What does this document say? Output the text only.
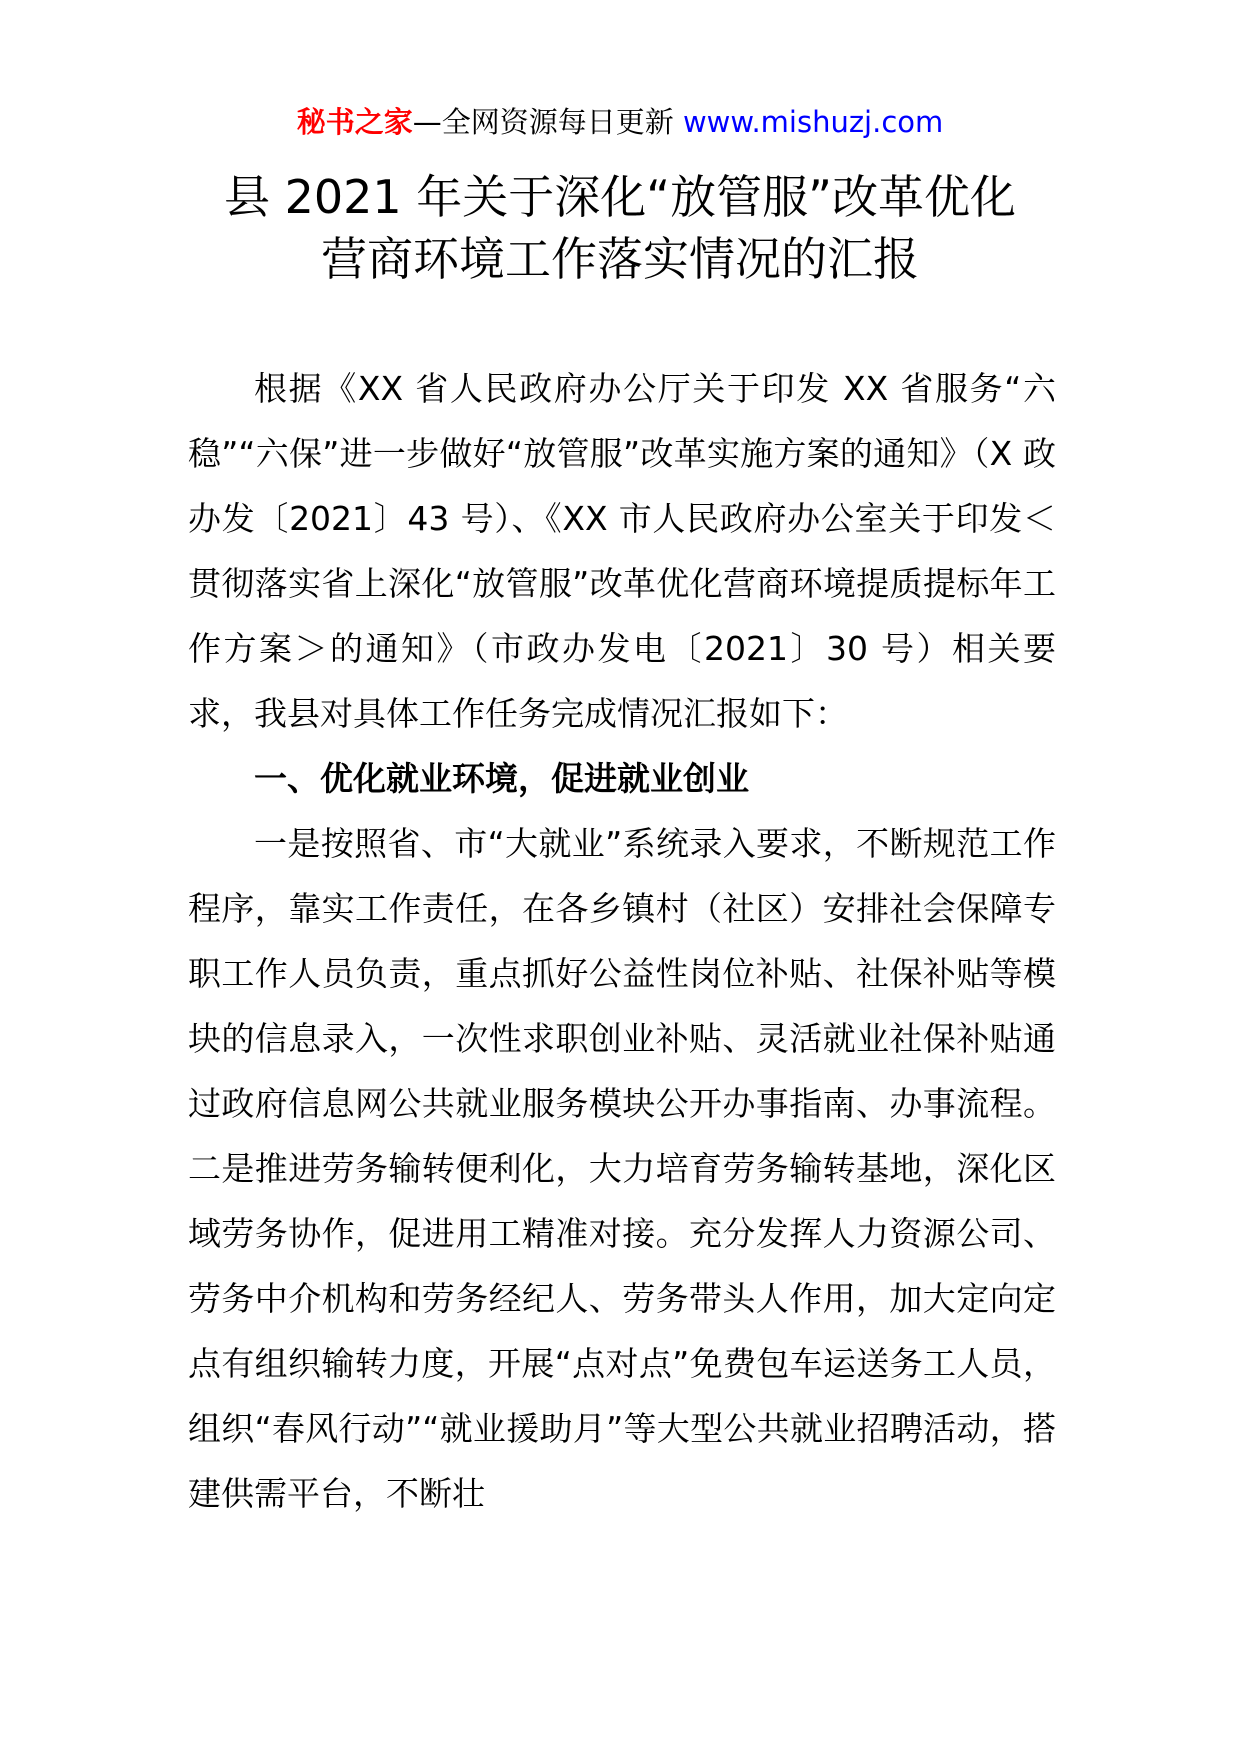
秘书之家—全网资源每日更新 www.mishuzj.com
县 2021 年关于深化“放管服”改革优化
营商环境工作落实情况的汇报

根据《XX 省人民政府办公厅关于印发 XX 省服务“六稳”“六保”进一步做好“放管服”改革实施方案的通知》（X 政办发〔2021〕43 号）、《XX 市人民政府办公室关于印发＜贯彻落实省上深化“放管服”改革优化营商环境提质提标年工作方案＞的通知》（市政办发电〔2021〕30 号）相关要求，我县对具体工作任务完成情况汇报如下：

一、优化就业环境，促进就业创业

一是按照省、市“大就业”系统录入要求，不断规范工作程序，靠实工作责任，在各乡镇村（社区）安排社会保障专职工作人员负责，重点抓好公益性岗位补贴、社保补贴等模块的信息录入，一次性求职创业补贴、灵活就业社保补贴通过政府信息网公共就业服务模块公开办事指南、办事流程。二是推进劳务输转便利化，大力培育劳务输转基地，深化区域劳务协作，促进用工精准对接。充分发挥人力资源公司、劳务中介机构和劳务经纪人、劳务带头人作用，加大定向定点有组织输转力度，开展“点对点”免费包车运送务工人员，组织“春风行动”“就业援助月”等大型公共就业招聘活动，搭建供需平台，不断壮
